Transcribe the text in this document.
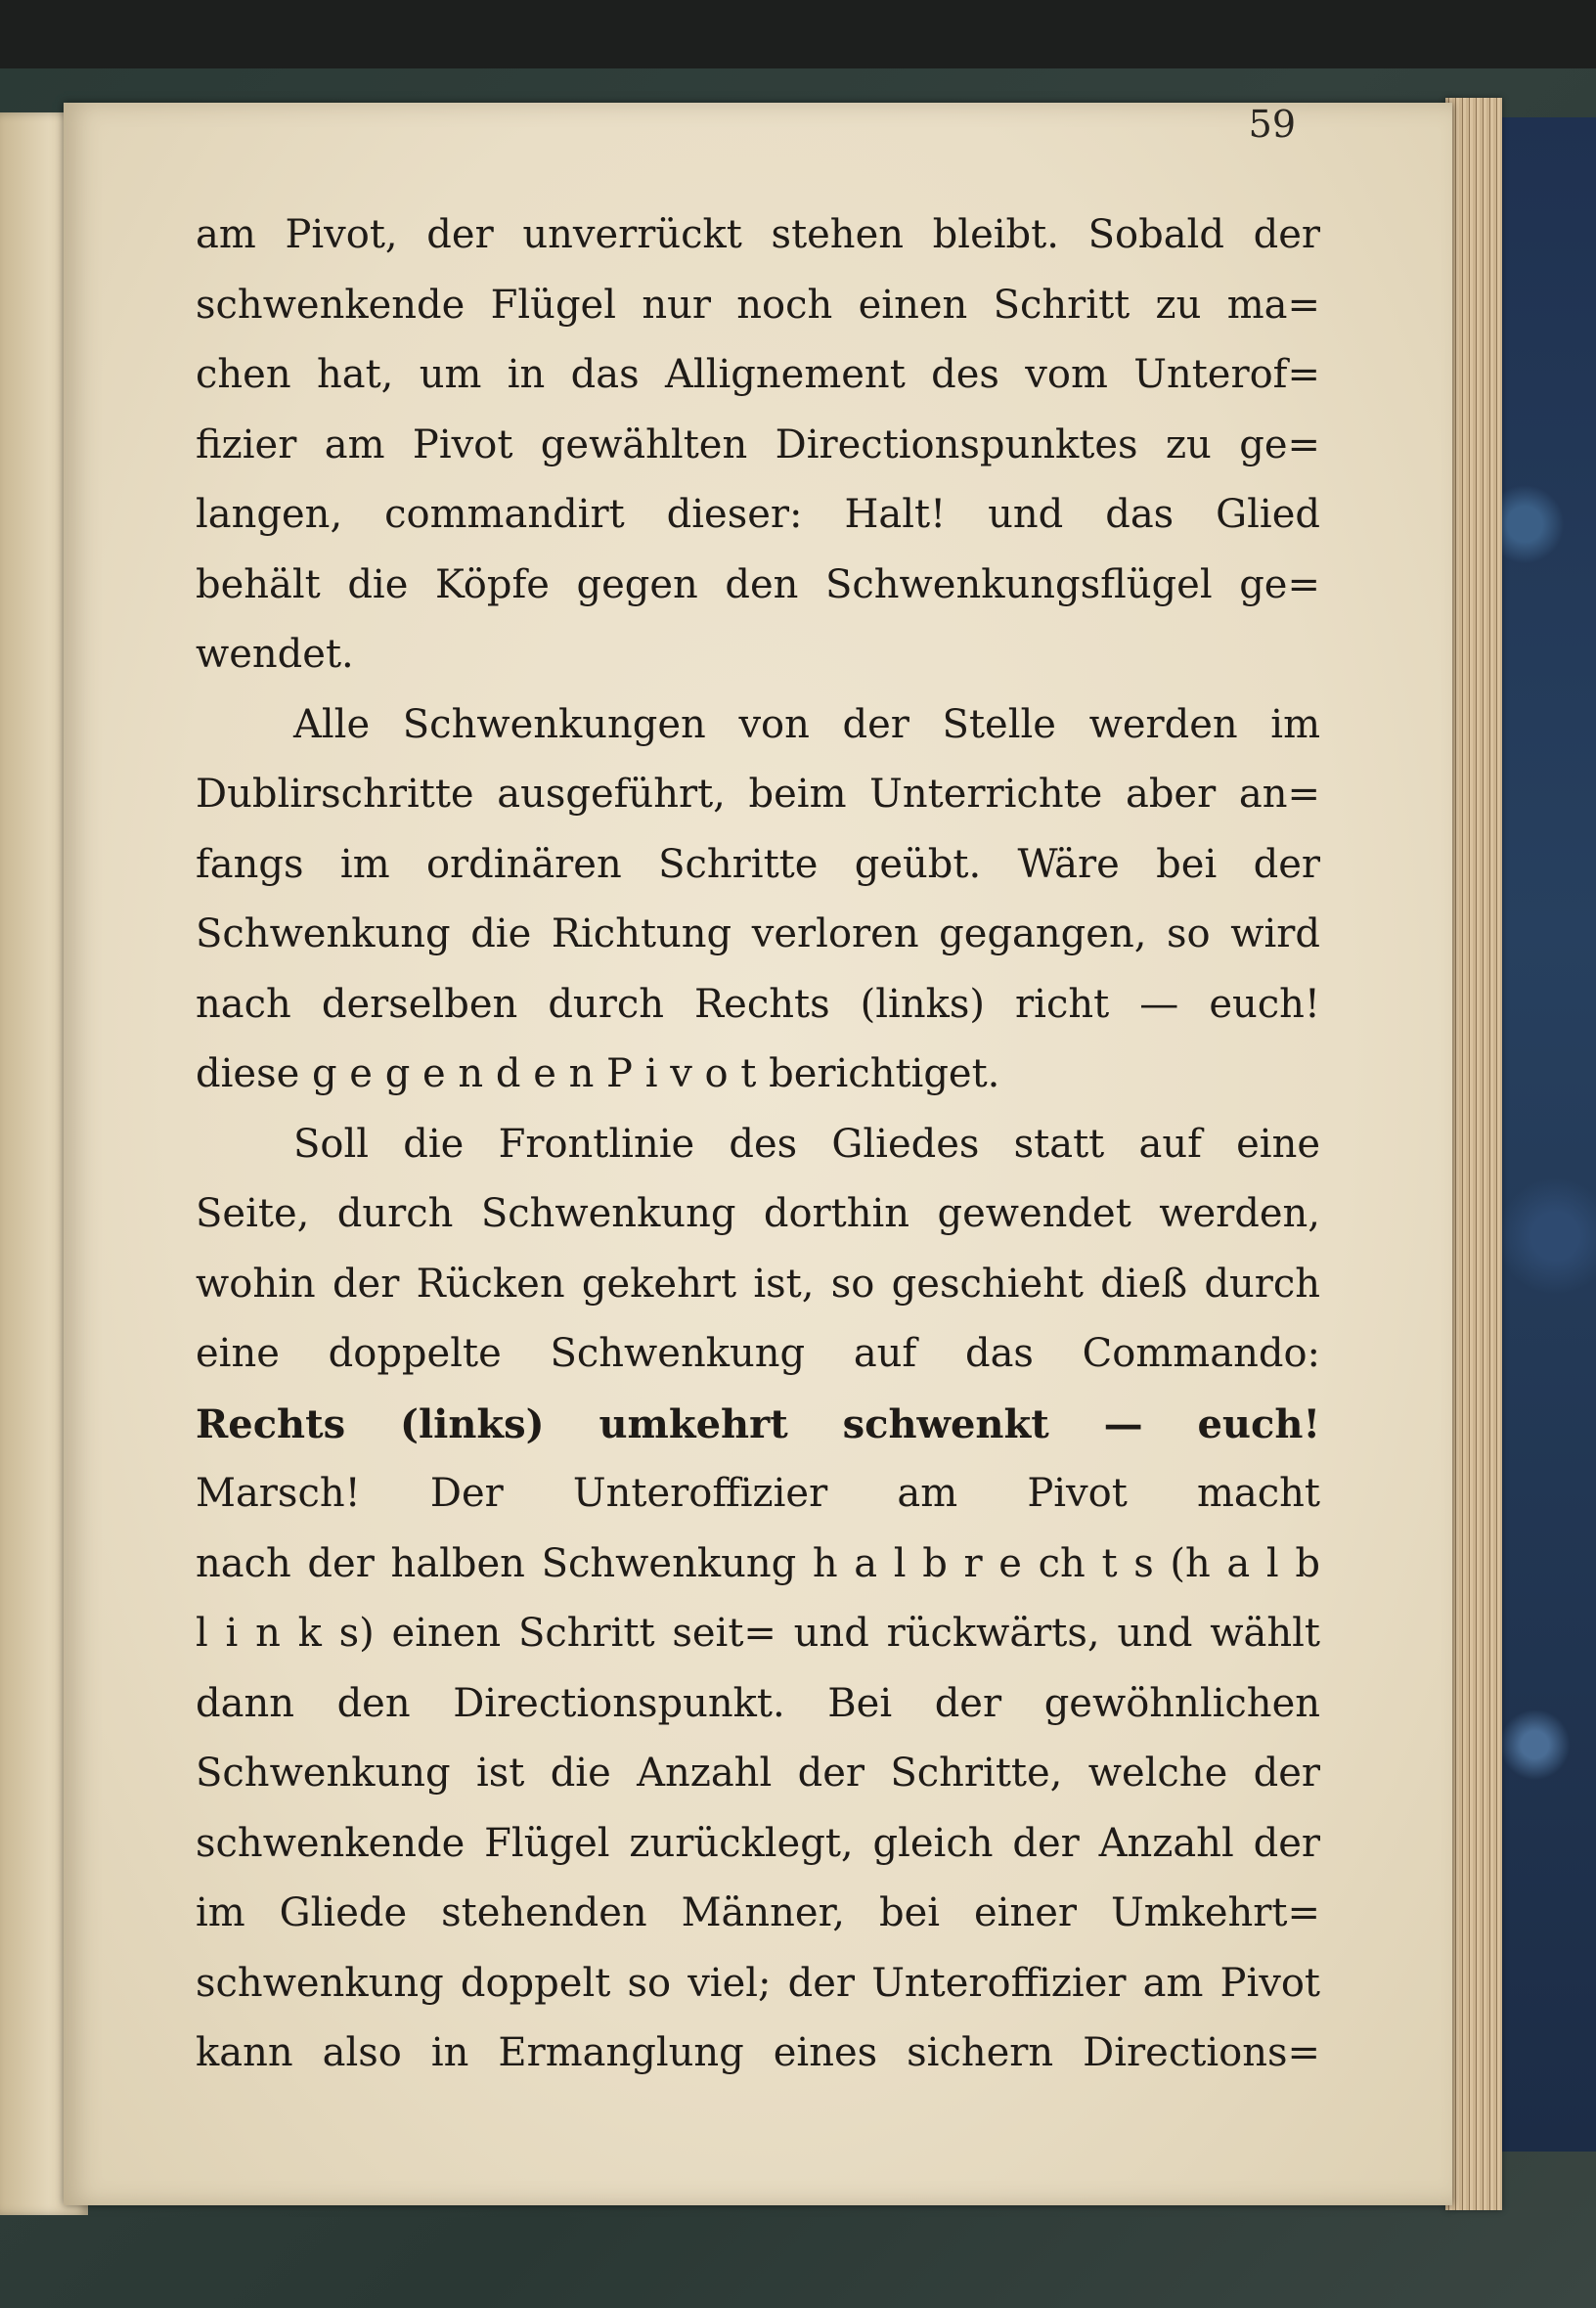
59
am Pivot, der unverrückt stehen bleibt. Sobald der
schwenkende Flügel nur noch einen Schritt zu ma=
chen hat, um in das Allignement des vom Unterof=
fizier am Pivot gewählten Directionspunktes zu ge=
langen, commandirt dieser: Halt! und das Glied
behält die Köpfe gegen den Schwenkungsflügel ge=
wendet.
Alle Schwenkungen von der Stelle werden im
Dublirschritte ausgeführt, beim Unterrichte aber an=
fangs im ordinären Schritte geübt. Wäre bei der
Schwenkung die Richtung verloren gegangen, so wird
nach derselben durch Rechts (links) richt — euch!
diese g e g e n d e n P i v o t berichtiget.
Soll die Frontlinie des Gliedes statt auf eine
Seite, durch Schwenkung dorthin gewendet werden,
wohin der Rücken gekehrt ist, so geschieht dieß durch
eine doppelte Schwenkung auf das Commando:
Rechts (links) umkehrt schwenkt — euch!
Marsch! Der Unteroffizier am Pivot macht
nach der halben Schwenkung h a l b r e ch t s (h a l b
l i n k s) einen Schritt seit= und rückwärts, und wählt
dann den Directionspunkt. Bei der gewöhnlichen
Schwenkung ist die Anzahl der Schritte, welche der
schwenkende Flügel zurücklegt, gleich der Anzahl der
im Gliede stehenden Männer, bei einer Umkehrt=
schwenkung doppelt so viel; der Unteroffizier am Pivot
kann also in Ermanglung eines sichern Directions=
